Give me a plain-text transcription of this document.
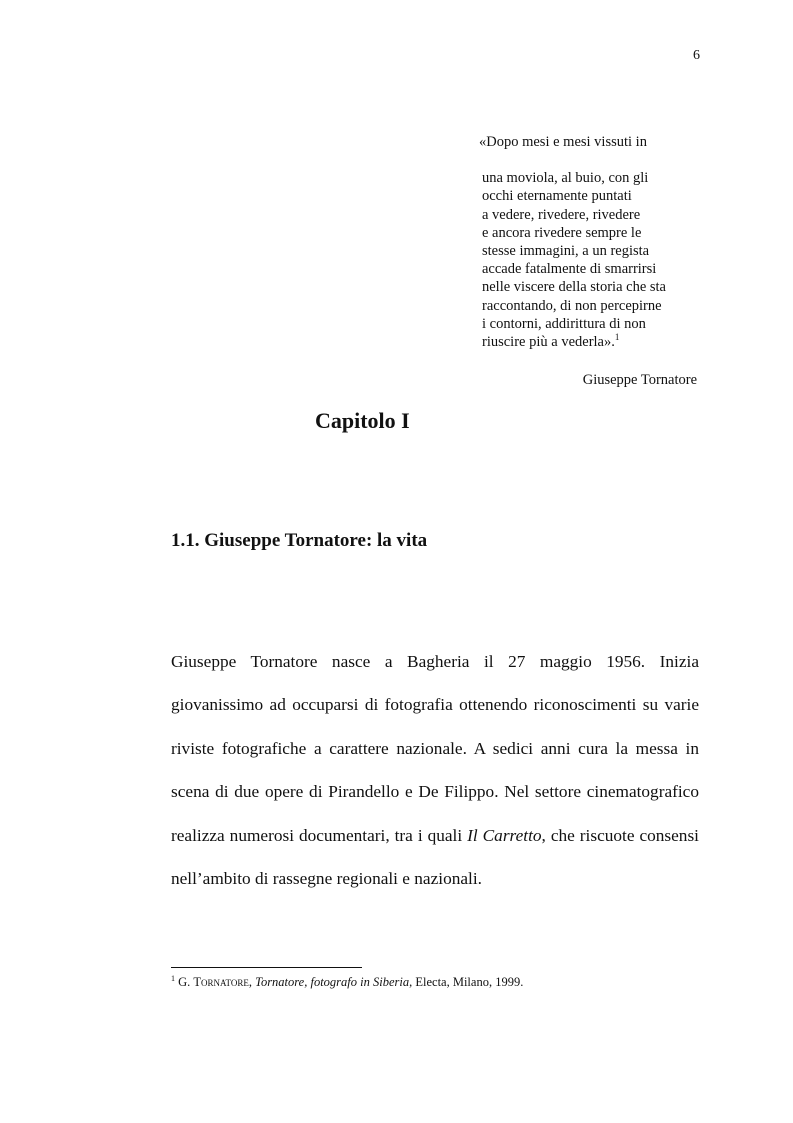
6
«Dopo mesi e mesi vissuti in
una moviola, al buio, con gli
occhi eternamente puntati
a vedere, rivedere, rivedere
e ancora rivedere sempre le
stesse immagini, a un regista
accade fatalmente di smarrirsi
nelle viscere della storia che sta
raccontando, di non percepirne
i contorni, addirittura di non
riuscire più a vederla».$^1$
Giuseppe Tornatore
Capitolo I
1.1. Giuseppe Tornatore: la vita

Giuseppe Tornatore nasce a Bagheria il 27 maggio 1956. Inizia giovanissimo ad occuparsi di fotografia ottenendo riconoscimenti su varie riviste fotografiche a carattere nazionale. A sedici anni cura la messa in scena di due opere di Pirandello e De Filippo. Nel settore cinematografico realizza numerosi documentari, tra i quali Il Carretto, che riscuote consensi nell’ambito di rassegne regionali e nazionali.

$^1$ G. Tornatore, Tornatore, fotografo in Siberia, Electa, Milano, 1999.
